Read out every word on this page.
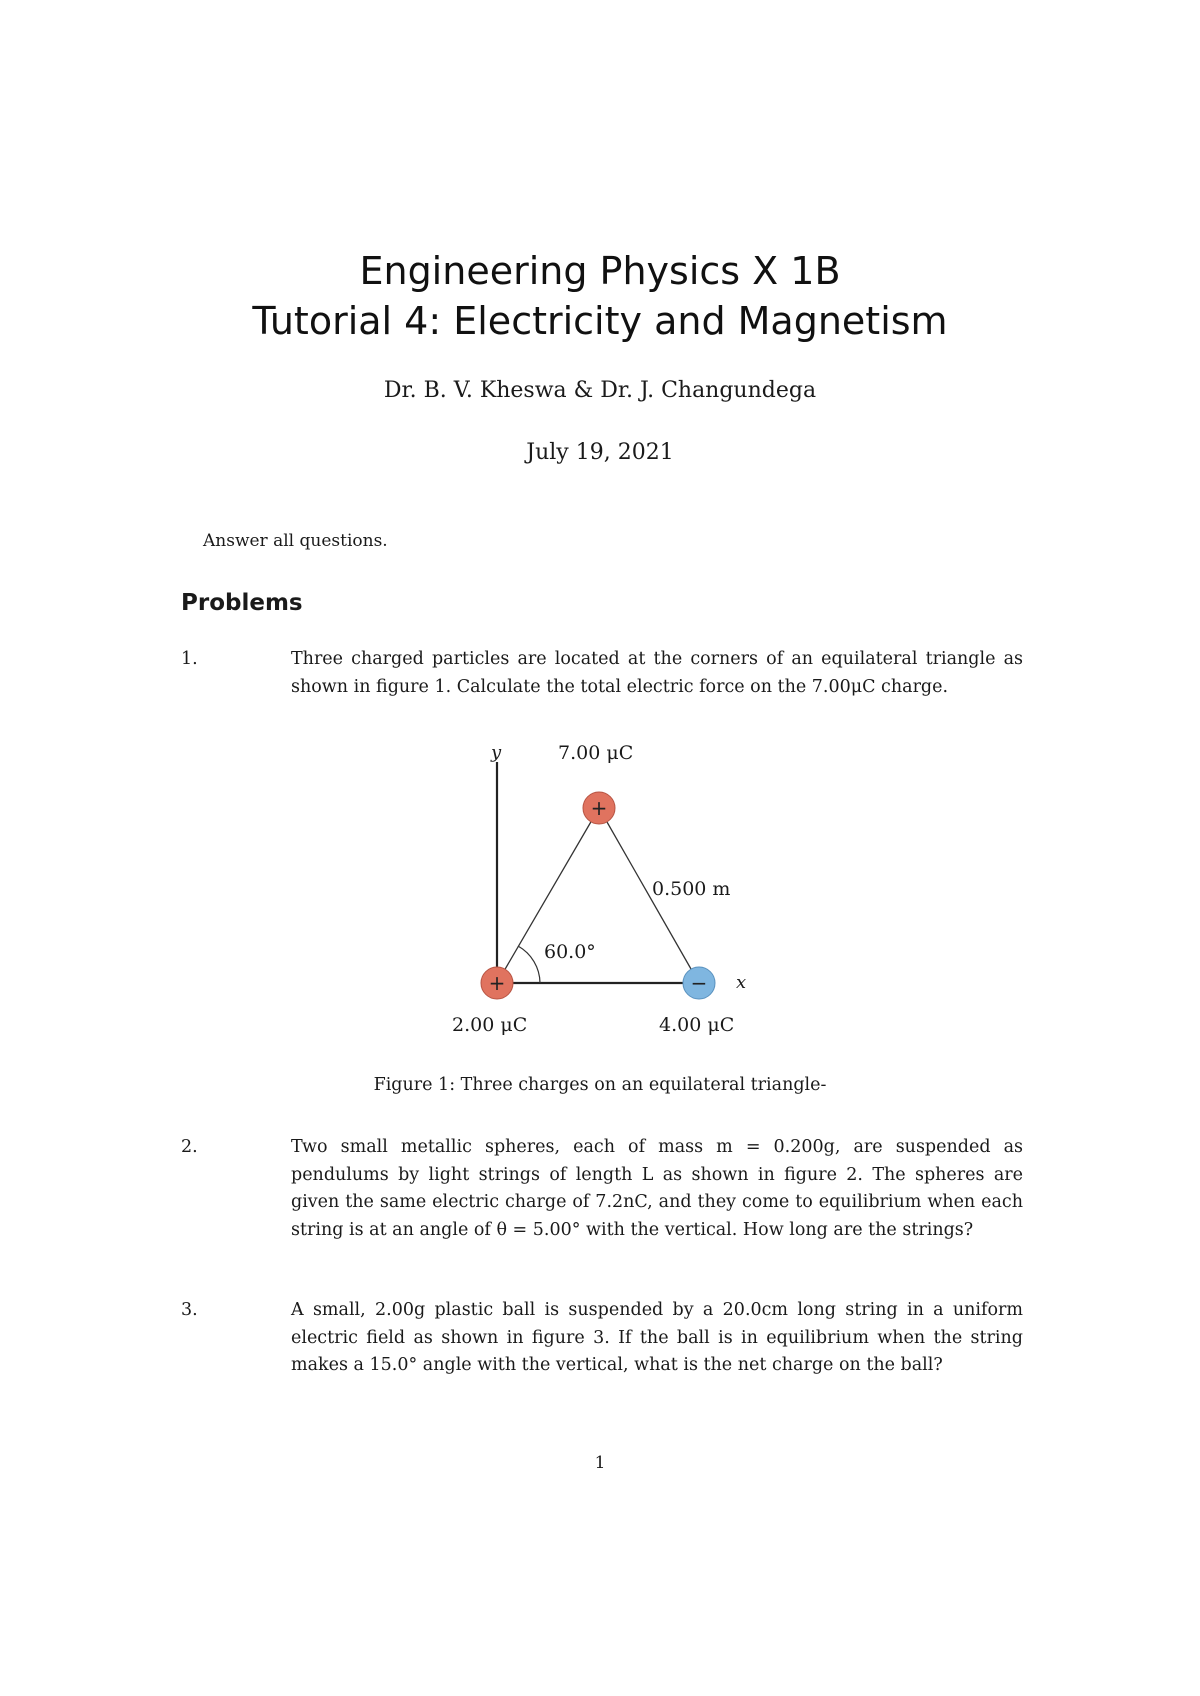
Engineering Physics X 1B
Tutorial 4: Electricity and Magnetism
Dr. B. V. Kheswa & Dr. J. Changundega
July 19, 2021
Answer all questions.
Problems
1.	Three charged particles are located at the corners of an equilateral triangle as shown in figure 1. Calculate the total electric force on the 7.00μC charge.
+
+	−
y	7.00 μC
0.500 m
60.0°
x
2.00 μC	4.00 μC
Figure 1: Three charges on an equilateral triangle-
2.	Two small metallic spheres, each of mass m = 0.200g, are suspended as pendulums by light strings of length L as shown in figure 2. The spheres are given the same electric charge of 7.2nC, and they come to equilibrium when each string is at an angle of θ = 5.00° with the vertical. How long are the strings?
3.	A small, 2.00g plastic ball is suspended by a 20.0cm long string in a uniform electric field as shown in figure 3. If the ball is in equilibrium when the string makes a 15.0° angle with the vertical, what is the net charge on the ball?
1
